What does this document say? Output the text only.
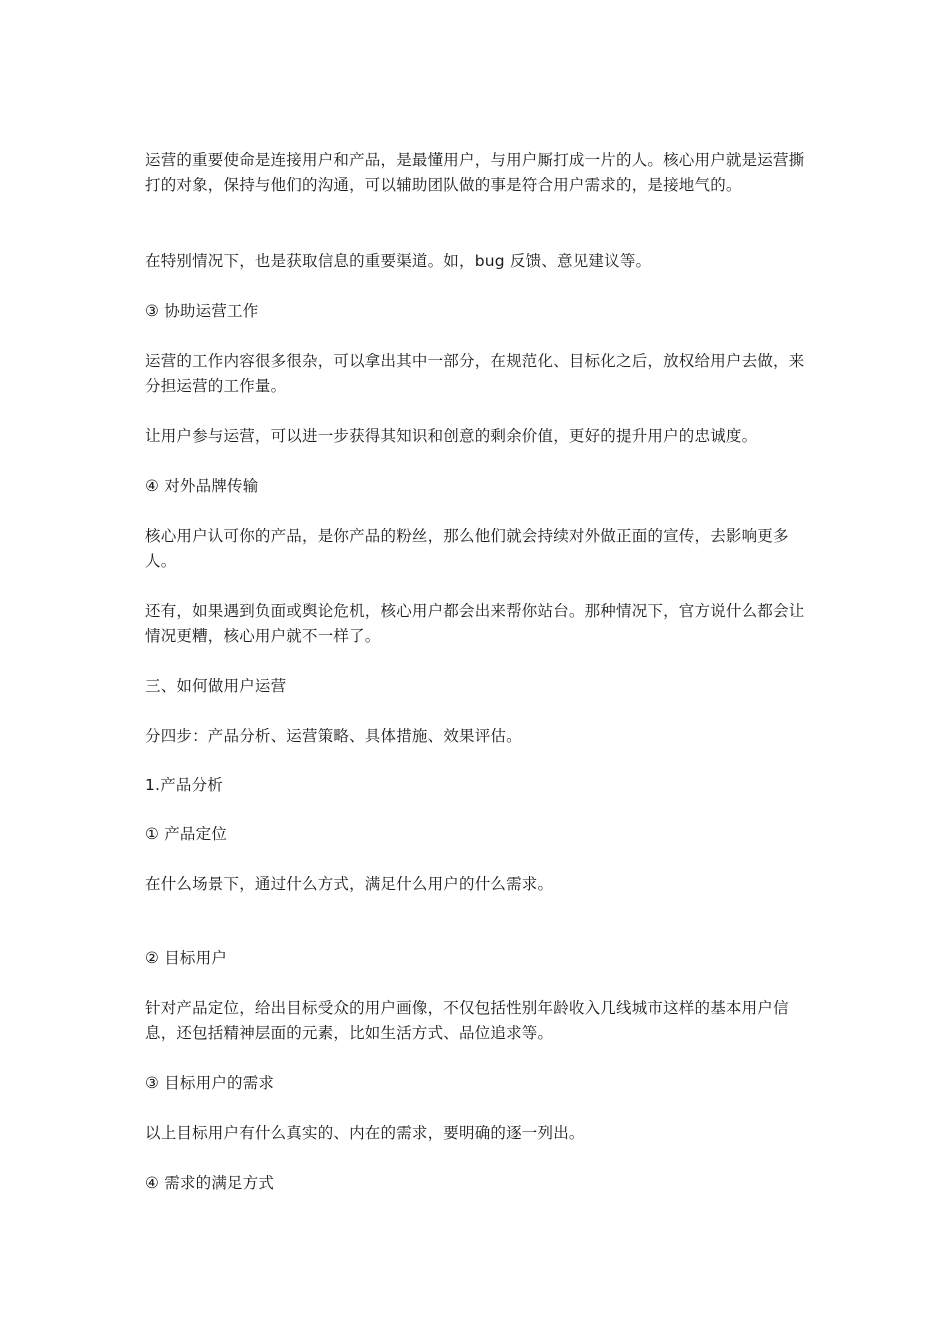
运营的重要使命是连接用户和产品，是最懂用户，与用户厮打成一片的人。核心用户就是运营撕打的对象，保持与他们的沟通，可以辅助团队做的事是符合用户需求的，是接地气的。

在特别情况下，也是获取信息的重要渠道。如，bug 反馈、意见建议等。

③ 协助运营工作

运营的工作内容很多很杂，可以拿出其中一部分，在规范化、目标化之后，放权给用户去做，来分担运营的工作量。

让用户参与运营，可以进一步获得其知识和创意的剩余价值，更好的提升用户的忠诚度。

④ 对外品牌传输

核心用户认可你的产品，是你产品的粉丝，那么他们就会持续对外做正面的宣传，去影响更多人。

还有，如果遇到负面或舆论危机，核心用户都会出来帮你站台。那种情况下，官方说什么都会让情况更糟，核心用户就不一样了。

三、如何做用户运营

分四步：产品分析、运营策略、具体措施、效果评估。

1.产品分析

① 产品定位

在什么场景下，通过什么方式，满足什么用户的什么需求。

② 目标用户

针对产品定位，给出目标受众的用户画像，不仅包括性别年龄收入几线城市这样的基本用户信息，还包括精神层面的元素，比如生活方式、品位追求等。

③ 目标用户的需求

以上目标用户有什么真实的、内在的需求，要明确的逐一列出。

④ 需求的满足方式
